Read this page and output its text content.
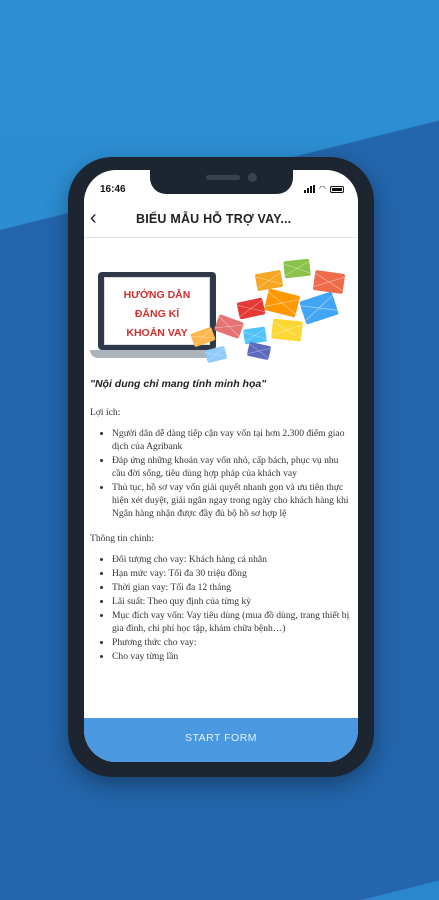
16:46	◠
‹	BIỂU MẪU HỖ TRỢ VAY...
HƯỚNG DẪN
ĐĂNG KÍ
KHOẢN VAY
"Nội dung chỉ mang tính minh họa"
Lợi ích:
• Người dân dễ dàng tiếp cận vay vốn tại hơn 2.300 điểm giao dịch của Agribank
• Đáp ứng những khoản vay vốn nhỏ, cấp bách, phục vụ nhu cầu đời sống, tiêu dùng hợp pháp của khách vay
• Thủ tục, hồ sơ vay vốn giải quyết nhanh gọn và ưu tiên thực hiện xét duyệt, giải ngân ngay trong ngày cho khách hàng khi Ngân hàng nhận được đầy đủ bộ hồ sơ hợp lệ
Thông tin chính:
• Đối tượng cho vay: Khách hàng cá nhân
• Hạn mức vay: Tối đa 30 triệu đồng
• Thời gian vay: Tối đa 12 tháng
• Lãi suất: Theo quy định của từng kỳ
• Mục đích vay vốn: Vay tiêu dùng (mua đồ dùng, trang thiết bị gia đình, chi phí học tập, khám chữa bệnh…)
• Phương thức cho vay:
• Cho vay từng lần
START FORM
